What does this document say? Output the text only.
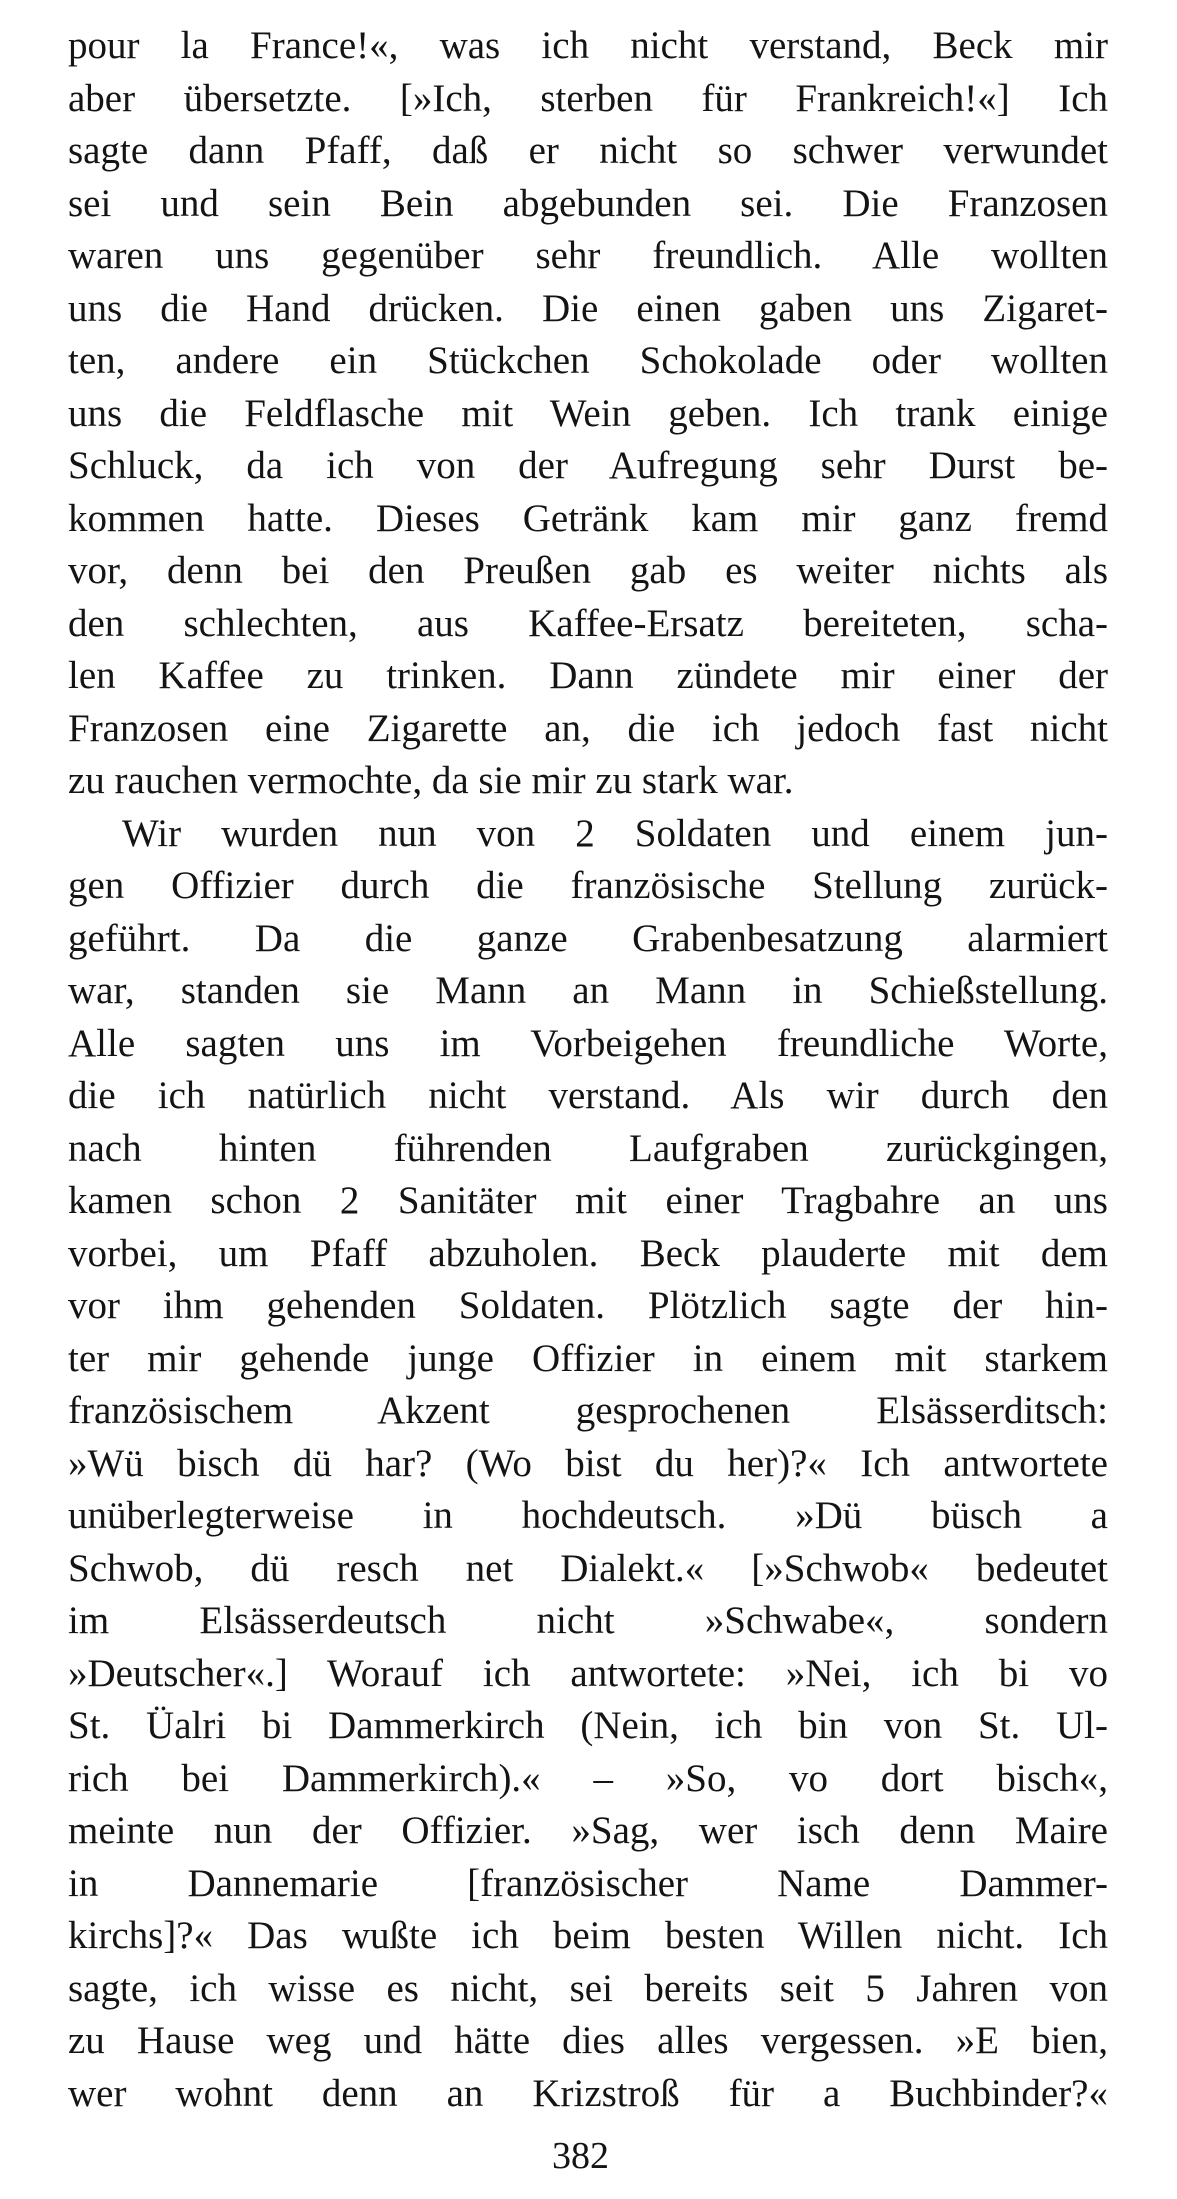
pour la France!«, was ich nicht verstand, Beck mir
aber übersetzte. [»Ich, sterben für Frankreich!«] Ich
sagte dann Pfaff, daß er nicht so schwer verwundet
sei und sein Bein abgebunden sei. Die Franzosen
waren uns gegenüber sehr freundlich. Alle wollten
uns die Hand drücken. Die einen gaben uns Zigaret-
ten, andere ein Stückchen Schokolade oder wollten
uns die Feldflasche mit Wein geben. Ich trank einige
Schluck, da ich von der Aufregung sehr Durst be-
kommen hatte. Dieses Getränk kam mir ganz fremd
vor, denn bei den Preußen gab es weiter nichts als
den schlechten, aus Kaffee-Ersatz bereiteten, scha-
len Kaffee zu trinken. Dann zündete mir einer der
Franzosen eine Zigarette an, die ich jedoch fast nicht
zu rauchen vermochte, da sie mir zu stark war.
Wir wurden nun von 2 Soldaten und einem jun-
gen Offizier durch die französische Stellung zurück-
geführt. Da die ganze Grabenbesatzung alarmiert
war, standen sie Mann an Mann in Schießstellung.
Alle sagten uns im Vorbeigehen freundliche Worte,
die ich natürlich nicht verstand. Als wir durch den
nach hinten führenden Laufgraben zurückgingen,
kamen schon 2 Sanitäter mit einer Tragbahre an uns
vorbei, um Pfaff abzuholen. Beck plauderte mit dem
vor ihm gehenden Soldaten. Plötzlich sagte der hin-
ter mir gehende junge Offizier in einem mit starkem
französischem Akzent gesprochenen Elsässerditsch:
»Wü bisch dü har? (Wo bist du her)?« Ich antwortete
unüberlegterweise in hochdeutsch. »Dü büsch a
Schwob, dü resch net Dialekt.« [»Schwob« bedeutet
im Elsässerdeutsch nicht »Schwabe«, sondern
»Deutscher«.] Worauf ich antwortete: »Nei, ich bi vo
St. Üalri bi Dammerkirch (Nein, ich bin von St. Ul-
rich bei Dammerkirch).« – »So, vo dort bisch«,
meinte nun der Offizier. »Sag, wer isch denn Maire
in Dannemarie [französischer Name Dammer-
kirchs]?« Das wußte ich beim besten Willen nicht. Ich
sagte, ich wisse es nicht, sei bereits seit 5 Jahren von
zu Hause weg und hätte dies alles vergessen. »E bien,
wer wohnt denn an Krizstroß für a Buchbinder?«
382
